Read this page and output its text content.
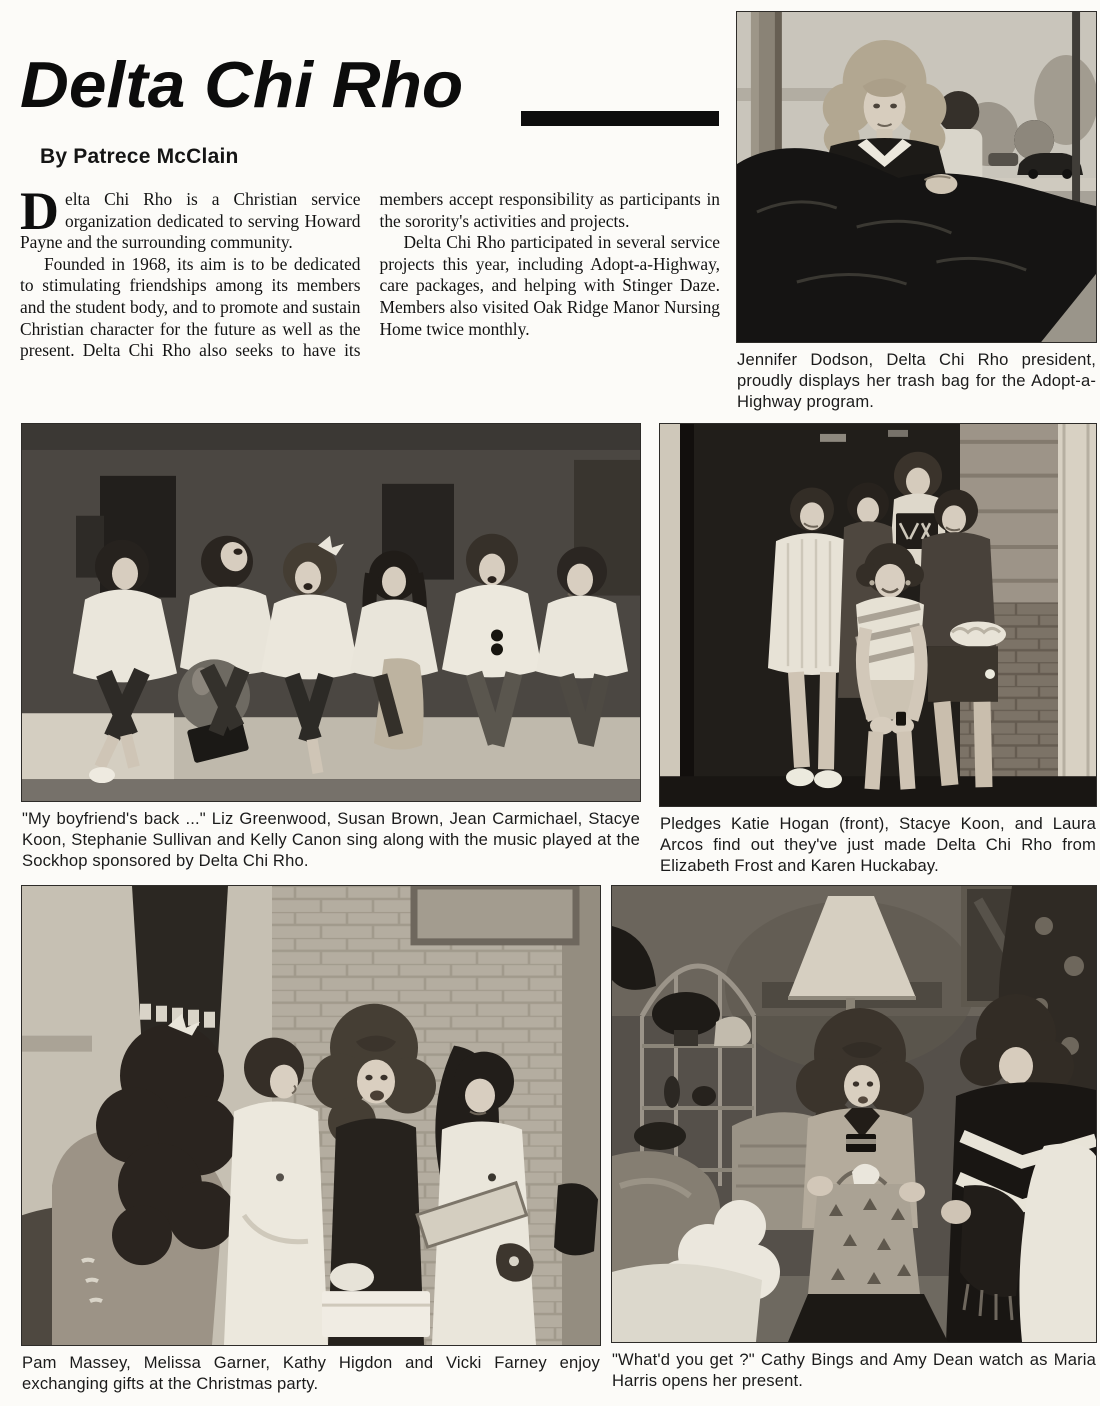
Delta Chi Rho
By Patrece McClain

Delta Chi Rho is a Christian service organization dedicated to serving Howard Payne and the surrounding community.

Founded in 1968, its aim is to be dedicated to stimulating friendships among its members and the student body, and to promote and sustain Christian character for the future as well as the present. Delta Chi Rho also seeks to have its members accept responsibility as participants in the sorority's activities and projects.

Delta Chi Rho participated in several service projects this year, including Adopt-a-Highway, care packages, and helping with Stinger Daze. Members also visited Oak Ridge Manor Nursing Home twice monthly.

Jennifer Dodson, Delta Chi Rho president, proudly displays her trash bag for the Adopt-a-Highway program.
"My boyfriend's back ..." Liz Greenwood, Susan Brown, Jean Carmichael, Stacye Koon, Stephanie Sullivan and Kelly Canon sing along with the music played at the Sockhop sponsored by Delta Chi Rho.
Pledges Katie Hogan (front), Stacye Koon, and Laura Arcos find out they've just made Delta Chi Rho from Elizabeth Frost and Karen Huckabay.
Pam Massey, Melissa Garner, Kathy Higdon and Vicki Farney enjoy exchanging gifts at the Christmas party.
"What'd you get ?" Cathy Bings and Amy Dean watch as Maria Harris opens her present.
